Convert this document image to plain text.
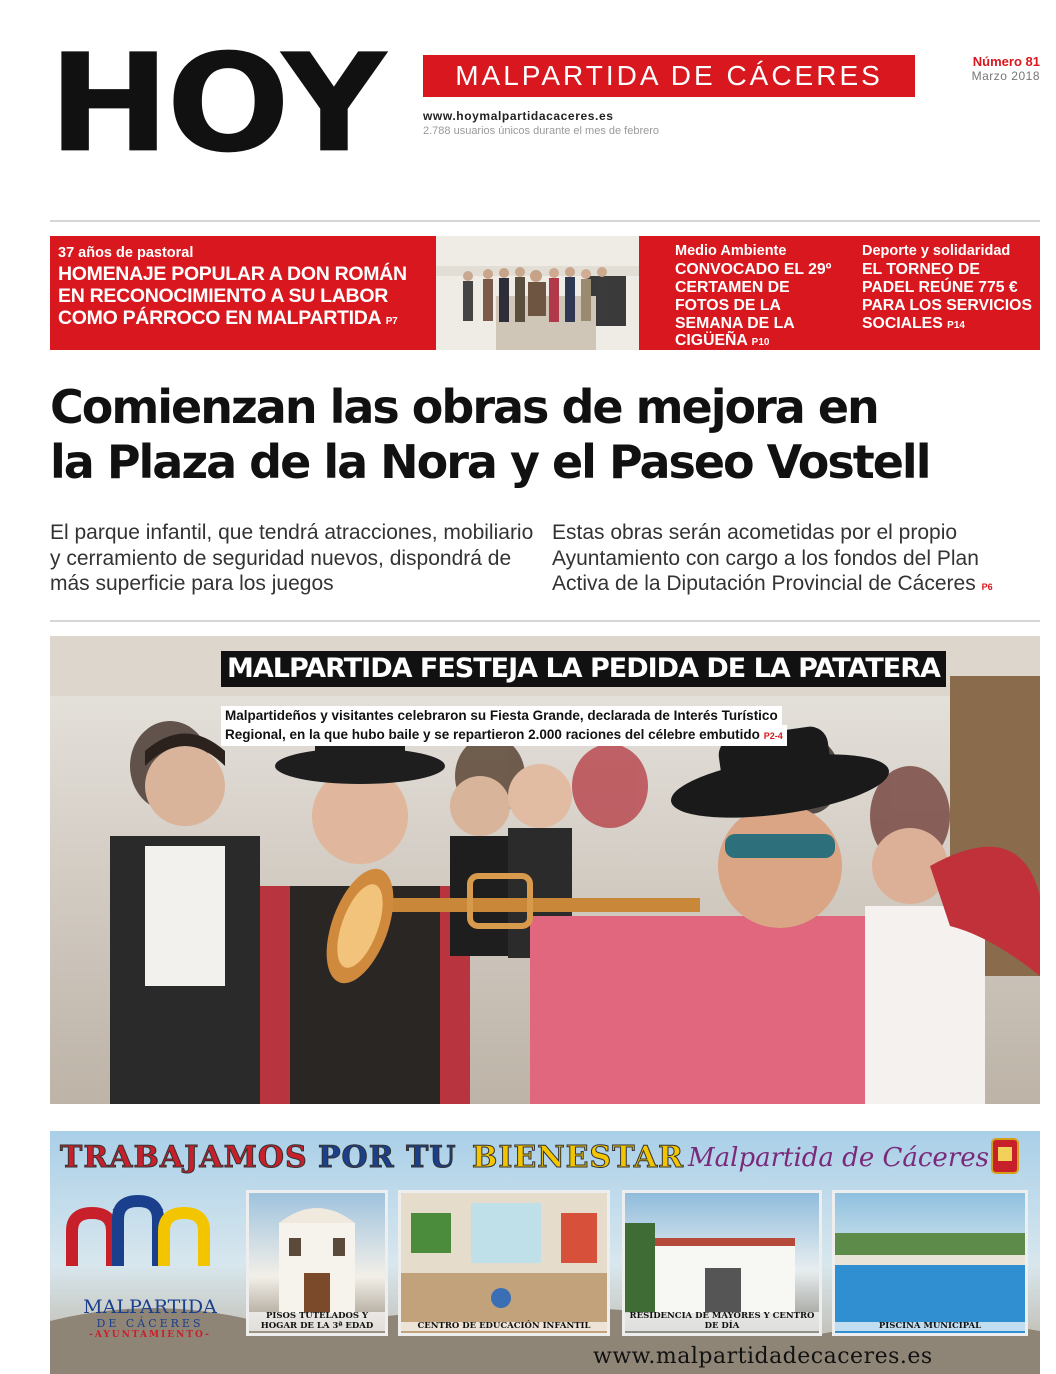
HOY	MALPARTIDA DE CÁCERES
www.hoymalpartidacaceres.es
2.788 usuarios únicos durante el mes de febrero
Número 81
Marzo 2018
37 años de pastoral
HOMENAJE POPULAR A DON ROMÁN EN RECONOCIMIENTO A SU LABOR COMO PÁRROCO EN MALPARTIDA P7
Medio Ambiente
CONVOCADO EL 29º CERTAMEN DE FOTOS DE LA SEMANA DE LA CIGÜEÑA P10
Deporte y solidaridad
EL TORNEO DE PADEL REÚNE 775 € PARA LOS SERVICIOS SOCIALES P14
Comienzan las obras de mejora en
la Plaza de la Nora y el Paseo Vostell
El parque infantil, que tendrá atracciones, mobiliario y cerramiento de seguridad nuevos, dispondrá de más superficie para los juegos
Estas obras serán acometidas por el propio Ayuntamiento con cargo a los fondos del Plan Activa de la Diputación Provincial de Cáceres P6
MALPARTIDA FESTEJA LA PEDIDA DE LA PATATERA
Malpartideños y visitantes celebraron su Fiesta Grande, declarada de Interés Turístico
Regional, en la que hubo baile y se repartieron 2.000 raciones del célebre embutido P2-4
TRABAJAMOS POR TU BIENESTAR Malpartida de Cáceres
MALPARTIDA
DE CÁCERES
-AYUNTAMIENTO-
PISOS TUTELADOS Y HOGAR DE LA 3ª EDAD	CENTRO DE EDUCACIÓN INFANTIL
RESIDENCIA DE MAYORES Y CENTRO DE DÍA	PISCINA MUNICIPAL
www.malpartidadecaceres.es
